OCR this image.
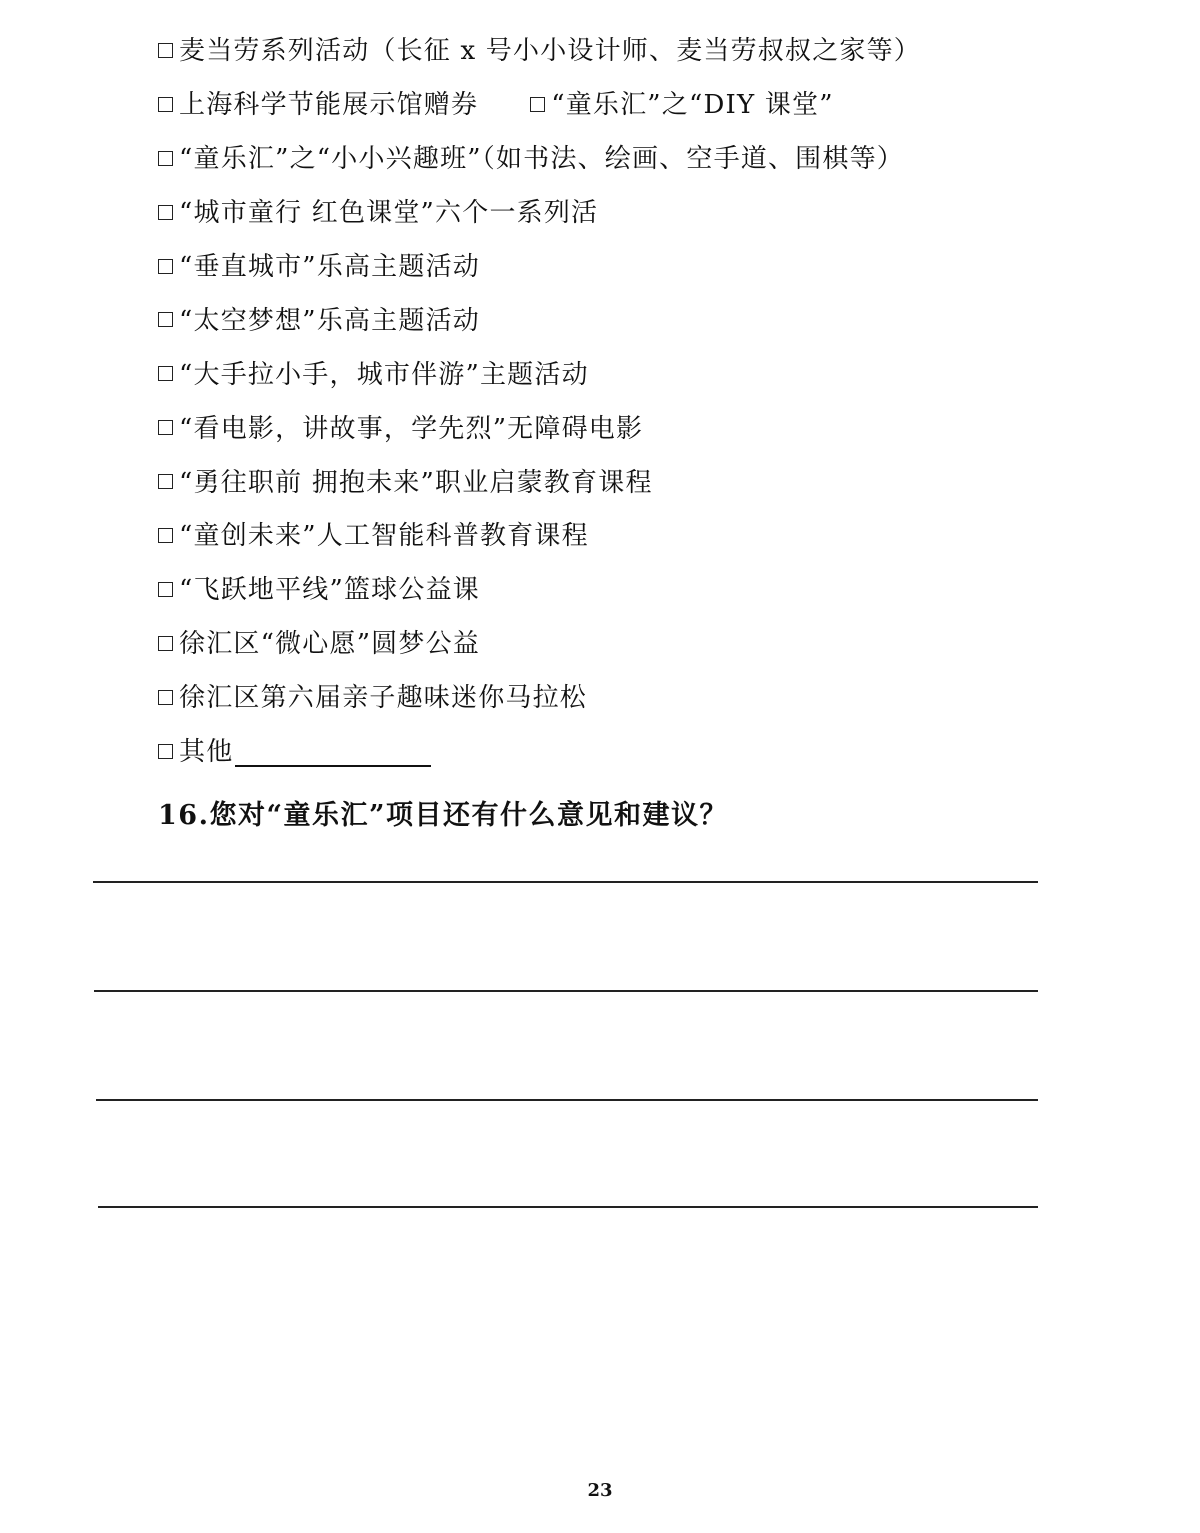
麦当劳系列活动（长征 x 号小小设计师、麦当劳叔叔之家等）
上海科学节能展示馆赠券	“童乐汇”之“DIY 课堂”
“童乐汇”之“小小兴趣班”（如书法、绘画、空手道、围棋等）
“城市童行 红色课堂”六个一系列活
“垂直城市”乐高主题活动
“太空梦想”乐高主题活动
“大手拉小手，城市伴游”主题活动
“看电影，讲故事，学先烈”无障碍电影
“勇往职前 拥抱未来”职业启蒙教育课程
“童创未来”人工智能科普教育课程
“飞跃地平线”篮球公益课
徐汇区“微心愿”圆梦公益
徐汇区第六届亲子趣味迷你马拉松
其他
16.您对“童乐汇”项目还有什么意见和建议？
23
